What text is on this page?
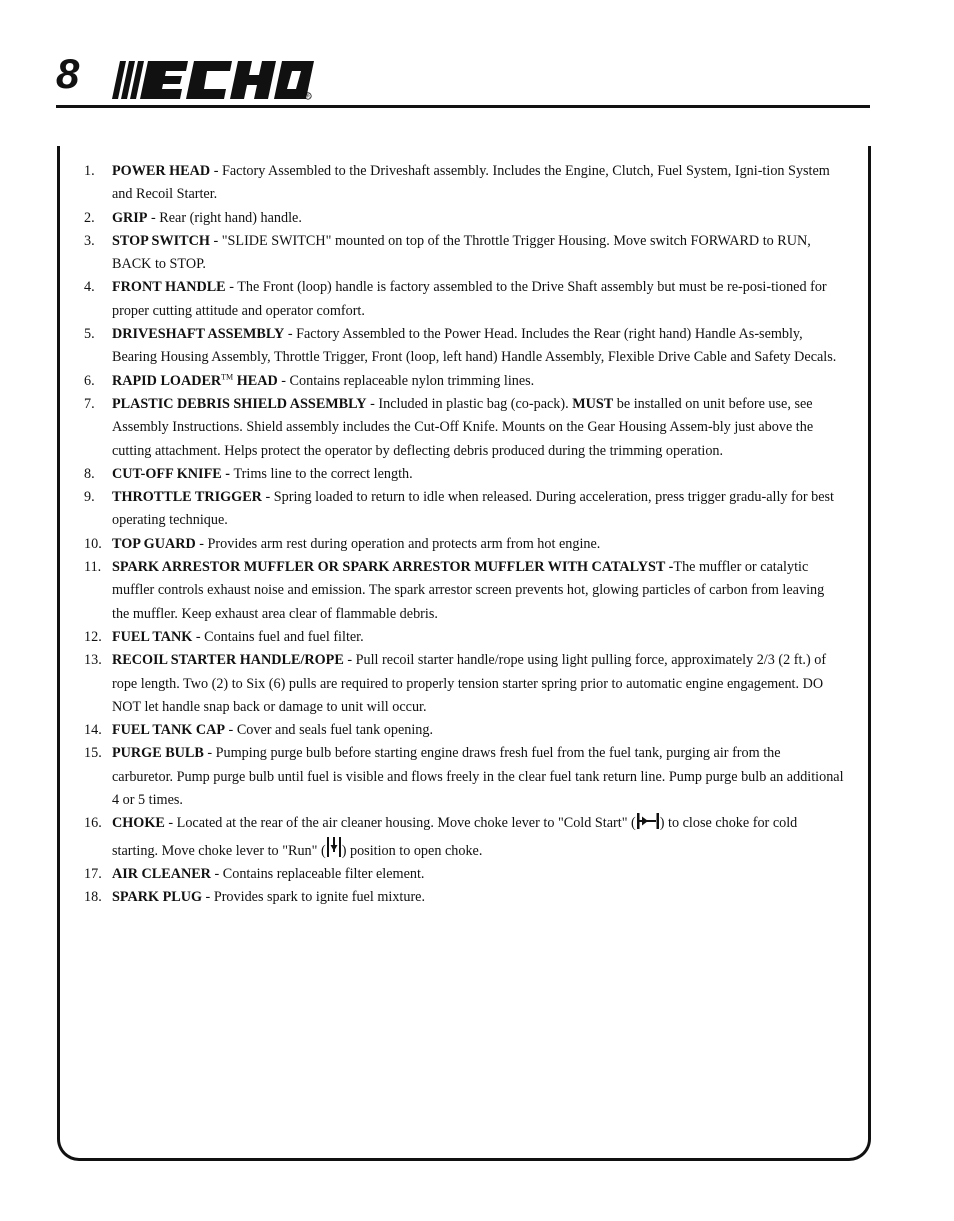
8	R
1. POWER HEAD - Factory Assembled to the Driveshaft assembly. Includes the Engine, Clutch, Fuel System, Igni-tion System and Recoil Starter.
2. GRIP - Rear (right hand) handle.
3. STOP SWITCH - "SLIDE SWITCH" mounted on top of the Throttle Trigger Housing. Move switch FORWARD to RUN, BACK to STOP.
4. FRONT HANDLE - The Front (loop) handle is factory assembled to the Drive Shaft assembly but must be re-posi-tioned for proper cutting attitude and operator comfort.
5. DRIVESHAFT ASSEMBLY - Factory Assembled to the Power Head. Includes the Rear (right hand) Handle As-sembly, Bearing Housing Assembly, Throttle Trigger, Front (loop, left hand) Handle Assembly, Flexible Drive Cable and Safety Decals.
6. RAPID LOADER™ HEAD - Contains replaceable nylon trimming lines.
7. PLASTIC DEBRIS SHIELD ASSEMBLY - Included in plastic bag (co-pack). MUST be installed on unit before use, see Assembly Instructions. Shield assembly includes the Cut-Off Knife. Mounts on the Gear Housing Assem-bly just above the cutting attachment. Helps protect the operator by deflecting debris produced during the trimming operation.
8. CUT-OFF KNIFE - Trims line to the correct length.
9. THROTTLE TRIGGER - Spring loaded to return to idle when released. During acceleration, press trigger gradu-ally for best operating technique.
10. TOP GUARD - Provides arm rest during operation and protects arm from hot engine.
11. SPARK ARRESTOR MUFFLER OR SPARK ARRESTOR MUFFLER WITH CATALYST -The muffler or catalytic muffler controls exhaust noise and emission. The spark arrestor screen prevents hot, glowing particles of carbon from leaving the muffler. Keep exhaust area clear of flammable debris.
12. FUEL TANK - Contains fuel and fuel filter.
13. RECOIL STARTER HANDLE/ROPE - Pull recoil starter handle/rope using light pulling force, approximately 2/3 (2 ft.) of rope length. Two (2) to Six (6) pulls are required to properly tension starter spring prior to automatic engine engagement. DO NOT let handle snap back or damage to unit will occur.
14. FUEL TANK CAP - Cover and seals fuel tank opening.
15. PURGE BULB - Pumping purge bulb before starting engine draws fresh fuel from the fuel tank, purging air from the carburetor. Pump purge bulb until fuel is visible and flows freely in the clear fuel tank return line. Pump purge bulb an additional 4 or 5 times.
16. CHOKE - Located at the rear of the air cleaner housing. Move choke lever to "Cold Start" ( ) to close choke for cold starting. Move choke lever to "Run" ( ) position to open choke.
17. AIR CLEANER - Contains replaceable filter element.
18. SPARK PLUG - Provides spark to ignite fuel mixture.
